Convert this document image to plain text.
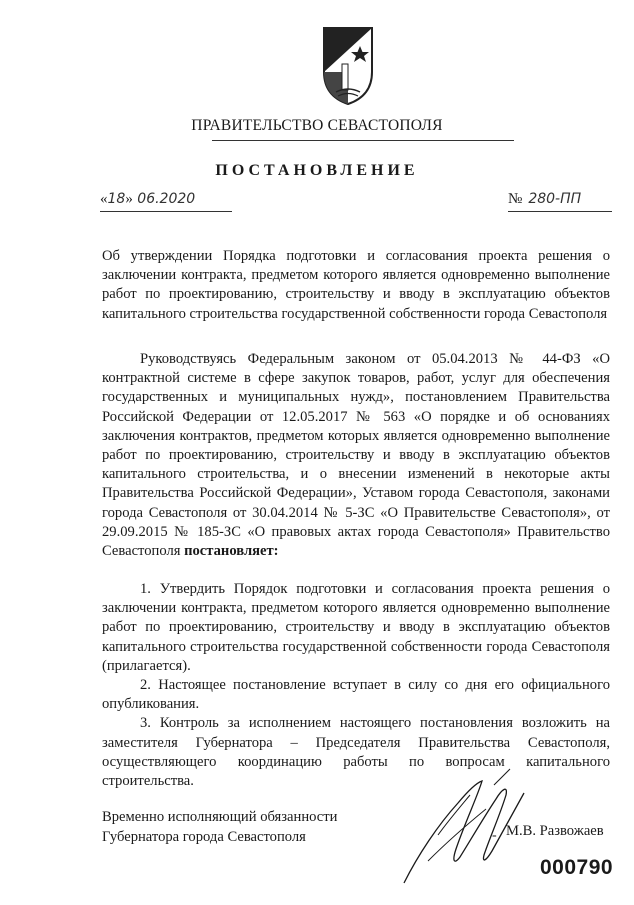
ПРАВИТЕЛЬСТВО СЕВАСТОПОЛЯ
ПОСТАНОВЛЕНИЕ
«18» 06.2020	№ 280-ПП

Об утверждении Порядка подготовки и согласования проекта решения о заключении контракта, предметом которого является одновременно выполнение работ по проектированию, строительству и вводу в эксплуатацию объектов капитального строительства государственной собственности города Севастополя

Руководствуясь Федеральным законом от 05.04.2013 № 44-ФЗ «О контрактной системе в сфере закупок товаров, работ, услуг для обеспечения государственных и муниципальных нужд», постановлением Правительства Российской Федерации от 12.05.2017 № 563 «О порядке и об основаниях заключения контрактов, предметом которых является одновременно выполнение работ по проектированию, строительству и вводу в эксплуатацию объектов капитального строительства, и о внесении изменений в некоторые акты Правительства Российской Федерации», Уставом города Севастополя, законами города Севастополя от 30.04.2014 № 5-ЗС «О Правительстве Севастополя», от 29.09.2015 № 185-ЗС «О правовых актах города Севастополя» Правительство Севастополя постановляет:

1. Утвердить Порядок подготовки и согласования проекта решения о заключении контракта, предметом которого является одновременно выполнение работ по проектированию, строительству и вводу в эксплуатацию объектов капитального строительства государственной собственности города Севастополя (прилагается).

2. Настоящее постановление вступает в силу со дня его официального опубликования.

3. Контроль за исполнением настоящего постановления возложить на заместителя Губернатора – Председателя Правительства Севастополя, осуществляющего координацию работы по вопросам капитального строительства.

Временно исполняющий обязанности
Губернатора города Севастополя	- М.В. Развожаев
000790
